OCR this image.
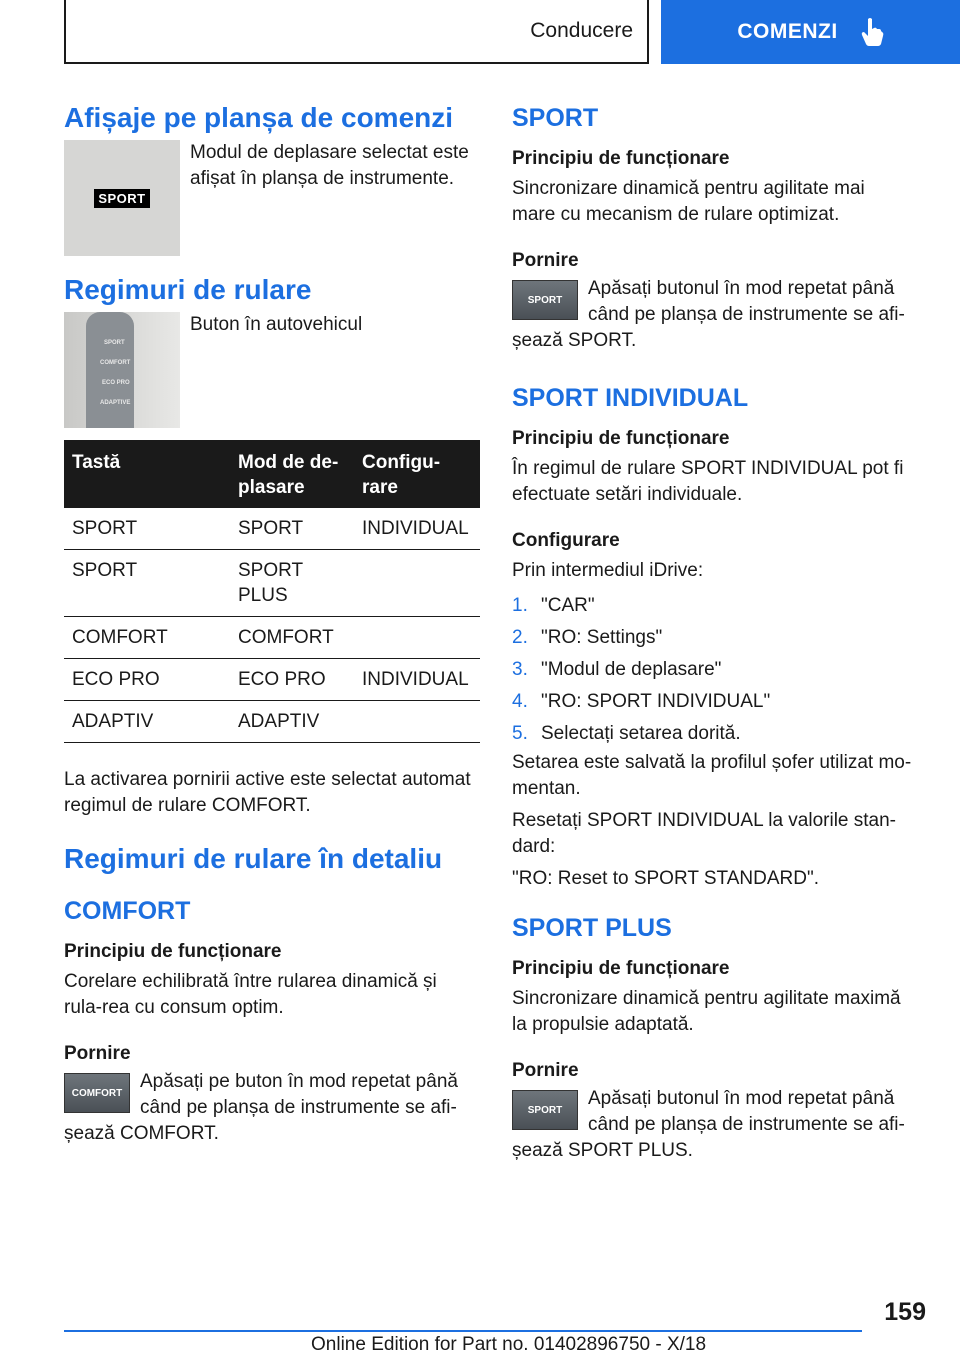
Conducere	COMENZI
Afișaje pe planșa de comenzi
SPORT

Modul de deplasare selectat este afișat în planșa de instrumente.

Regimuri de rulare
SPORT
COMFORT
ECO PRO
ADAPTIVE

Buton în autovehicul

Tastă	Mod de de-plasare	Configu-rare
SPORT	SPORT	INDIVIDUAL
SPORT	SPORT PLUS	
COMFORT	COMFORT	
ECO PRO	ECO PRO	INDIVIDUAL
ADAPTIV	ADAPTIV	

La activarea pornirii active este selectat automat regimul de rulare COMFORT.

Regimuri de rulare în detaliu
COMFORT
Principiu de funcționare

Corelare echilibrată între rularea dinamică și rula-rea cu consum optim.

Pornire
COMFORT

Apăsați pe buton în mod repetat până când pe planșa de instrumente se afi-șează COMFORT.

SPORT
Principiu de funcționare

Sincronizare dinamică pentru agilitate mai mare cu mecanism de rulare optimizat.

Pornire
SPORT

Apăsați butonul în mod repetat până când pe planșa de instrumente se afi-șează SPORT.

SPORT INDIVIDUAL
Principiu de funcționare

În regimul de rulare SPORT INDIVIDUAL pot fi efectuate setări individuale.

Configurare

Prin intermediul iDrive:

1. "CAR"
2. "RO: Settings"
3. "Modul de deplasare"
4. "RO: SPORT INDIVIDUAL"
5. Selectați setarea dorită.

Setarea este salvată la profilul șofer utilizat mo-mentan.

Resetați SPORT INDIVIDUAL la valorile stan-dard:

"RO: Reset to SPORT STANDARD".

SPORT PLUS
Principiu de funcționare

Sincronizare dinamică pentru agilitate maximă la propulsie adaptată.

Pornire
SPORT

Apăsați butonul în mod repetat până când pe planșa de instrumente se afi-șează SPORT PLUS.

159
Online Edition for Part no. 01402896750 - X/18
